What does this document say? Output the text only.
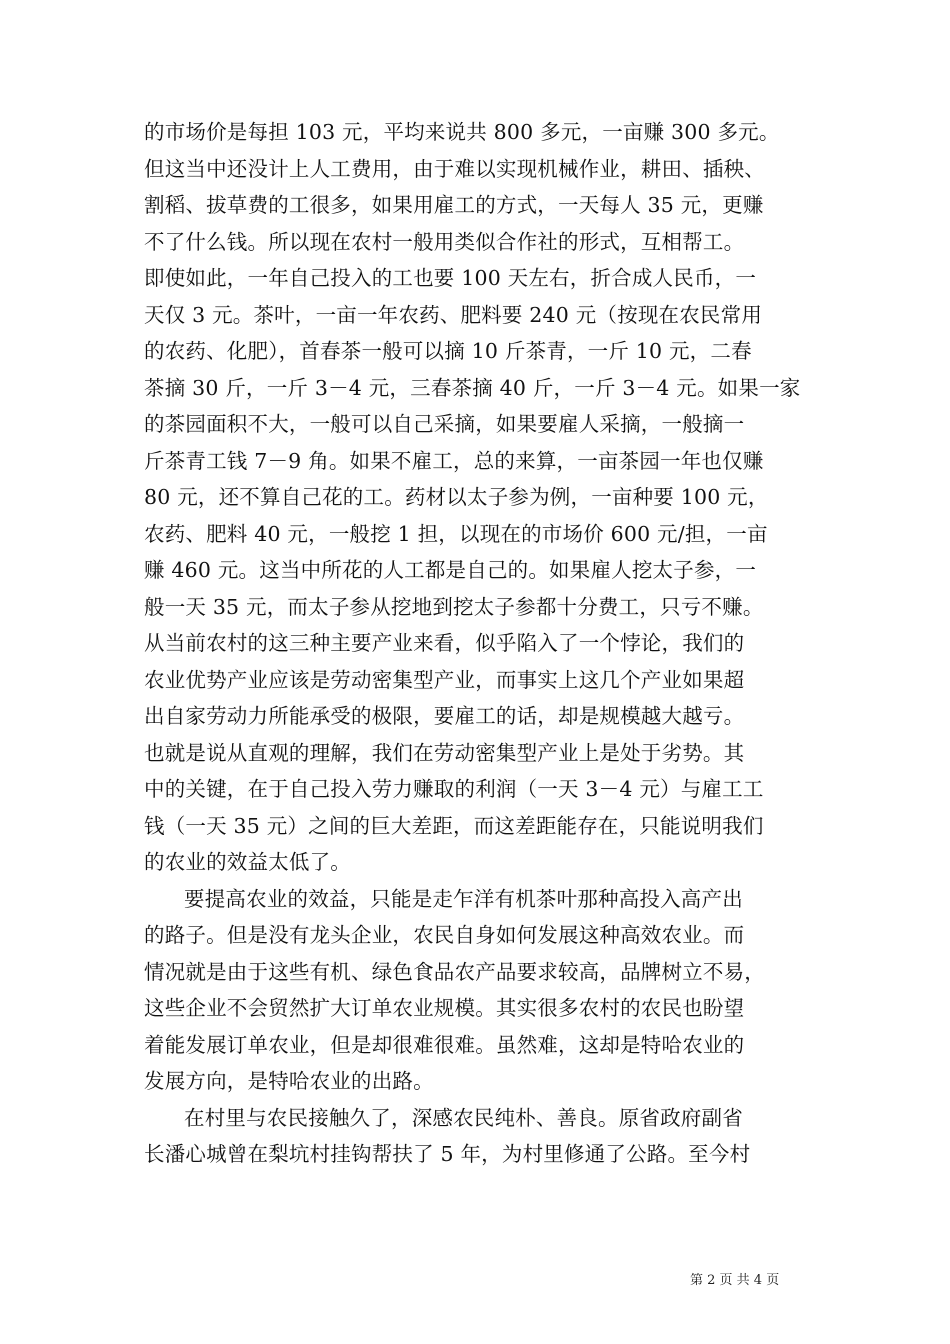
的市场价是每担 103 元，平均来说共 800 多元，一亩赚 300 多元。
但这当中还没计上人工费用，由于难以实现机械作业，耕田、插秧、
割稻、拔草费的工很多，如果用雇工的方式，一天每人 35 元，更赚
不了什么钱。所以现在农村一般用类似合作社的形式，互相帮工。
即使如此，一年自己投入的工也要 100 天左右，折合成人民币，一
天仅 3 元。茶叶，一亩一年农药、肥料要 240 元（按现在农民常用
的农药、化肥），首春茶一般可以摘 10 斤茶青，一斤 10 元，二春
茶摘 30 斤，一斤 3－4 元，三春茶摘 40 斤，一斤 3－4 元。如果一家
的茶园面积不大，一般可以自己采摘，如果要雇人采摘，一般摘一
斤茶青工钱 7－9 角。如果不雇工，总的来算，一亩茶园一年也仅赚
80 元，还不算自己花的工。药材以太子参为例，一亩种要 100 元，
农药、肥料 40 元，一般挖 1 担，以现在的市场价 600 元/担，一亩
赚 460 元。这当中所花的人工都是自己的。如果雇人挖太子参，一
般一天 35 元，而太子参从挖地到挖太子参都十分费工，只亏不赚。
从当前农村的这三种主要产业来看，似乎陷入了一个悖论，我们的
农业优势产业应该是劳动密集型产业，而事实上这几个产业如果超
出自家劳动力所能承受的极限，要雇工的话，却是规模越大越亏。
也就是说从直观的理解，我们在劳动密集型产业上是处于劣势。其
中的关键，在于自己投入劳力赚取的利润（一天 3－4 元）与雇工工
钱（一天 35 元）之间的巨大差距，而这差距能存在，只能说明我们
的农业的效益太低了。
要提高农业的效益，只能是走乍洋有机茶叶那种高投入高产出
的路子。但是没有龙头企业，农民自身如何发展这种高效农业。而
情况就是由于这些有机、绿色食品农产品要求较高，品牌树立不易，
这些企业不会贸然扩大订单农业规模。其实很多农村的农民也盼望
着能发展订单农业，但是却很难很难。虽然难，这却是特哈农业的
发展方向，是特哈农业的出路。
在村里与农民接触久了，深感农民纯朴、善良。原省政府副省
长潘心城曾在梨坑村挂钩帮扶了 5 年，为村里修通了公路。至今村
第 2 页 共 4 页
